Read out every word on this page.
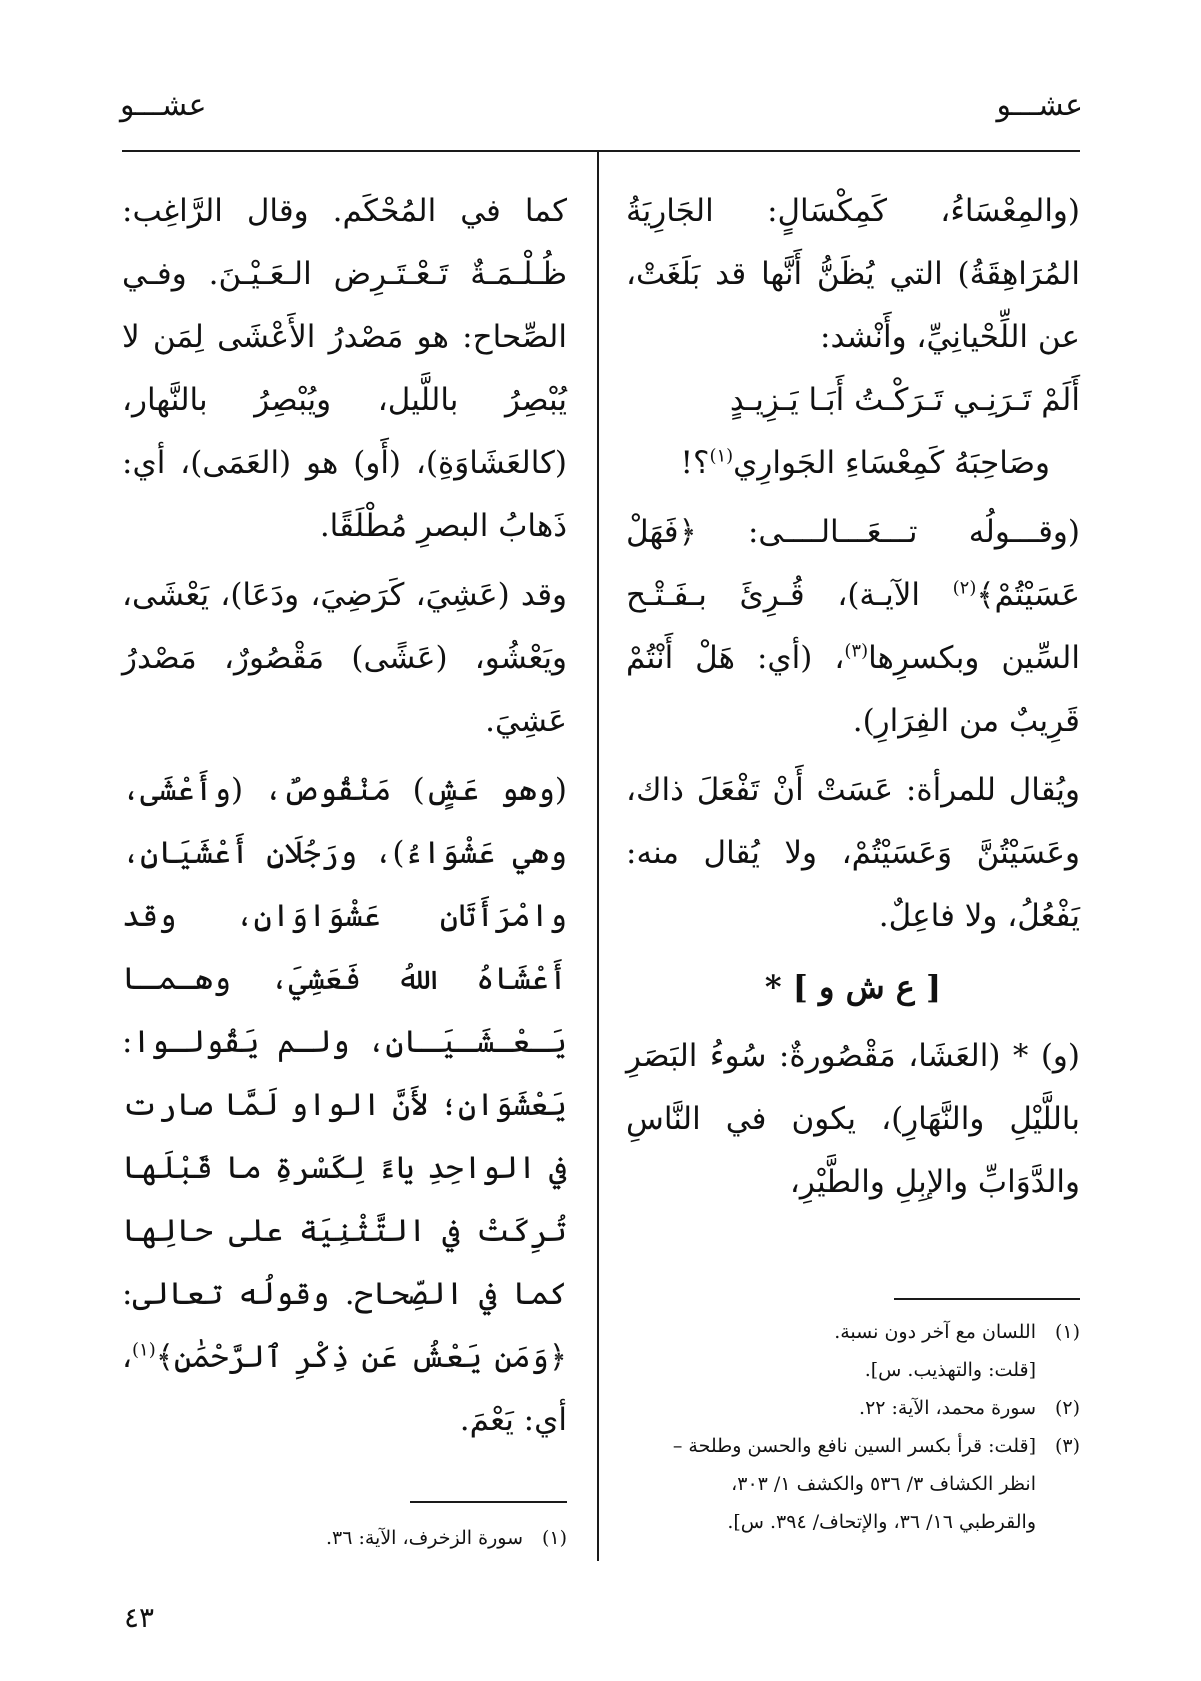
عشـــو
عشـــو

(والمِعْسَاءُ، كَمِكْسَالٍ: الجَارِيَةُ المُرَاهِقَةُ) التي يُظَنُّ أَنَّها قد بَلَغَتْ، عن اللِّحْيانِيِّ، وأَنْشد:

أَلَمْ تَـرَنِـي تَـرَكْـتُ أَبَـا يَـزِيـدٍ

وصَاحِبَهُ كَمِعْسَاءِ الجَوارِي$^{(١)}$؟!

(وقـــولُه تـــعَـــالــــى: ﴿فَهَلْ عَسَيْتُمْ﴾$^{(٢)}$ الآيـة)، قُـرِئَ بـفَـتْـح السِّين وبكسرِها$^{(٣)}$، (أي: هَلْ أَنْتُمْ قَرِيبٌ من الفِرَارِ).

ويُقال للمرأة: عَسَتْ أَنْ تَفْعَلَ ذاك، وعَسَيْتُنَّ وَعَسَيْتُمْ، ولا يُقال منه: يَفْعُلُ، ولا فاعِلٌ.

[ ع ش و ] *

(و) * (العَشَا، مَقْصُورةٌ: سُوءُ البَصَرِ باللَّيْلِ والنَّهَارِ)، يكون في النَّاسِ والدَّوَابِّ والإبِلِ والطَّيْرِ،

(١)اللسان مع آخر دون نسبة.

[قلت: والتهذيب. س].

(٢)سورة محمد، الآية: ٢٢.

(٣)[قلت: قرأ بكسر السين نافع والحسن وطلحة –

انظر الكشاف ٣/ ٥٣٦ والكشف ١/ ٣٠٣،

والقرطبي ١٦/ ٣٦، والإتحاف/ ٣٩٤. س].

كما في المُحْكَم. وقال الرَّاغِب: ظُـلْـمَـةٌ تَـعْـتَـرِض الـعَـيْـنَ. وفـي الصِّحاح: هو مَصْدرُ الأَعْشَى لِمَن لا يُبْصِرُ باللَّيل، ويُبْصِرُ بالنَّهار، (كالعَشَاوَةِ)، (أَو) هو (العَمَى)، أي: ذَهابُ البصرِ مُطْلَقًا.

وقد (عَشِيَ، كَرَضِيَ، ودَعَا)، يَعْشَى، ويَعْشُو، (عَشًى) مَقْصُورٌ، مَصْدرُ عَشِيَ.

(وهو عَشٍ) مَنْقُوصٌ، (وأَعْشَى، وهي عَشْوَاءُ)، ورَجُلَانِ أَعْشَيَانِ، وامْرَأَتَانِ عَشْوَاوَانِ، وقد أَعْشَاهُ اللهُ فَعَشِيَ، وهـمـا يَـعْـشَـيَـانِ، ولـم يَقُولـوا: يَعْشَوَانِ؛ لأَنَّ الواو لَمَّا صارت في الواحِدِ ياءً لِكَسْرةِ ما قَبْلَها تُرِكَتْ في التَّثْنِيَة على حالِها كما في الصِّحاح. وقولُه تعالى: ﴿وَمَن يَعْشُ عَن ذِكْرِ ٱلرَّحْمَٰنِ﴾$^{(١)}$، أي: يَعْمَ.

(١)سورة الزخرف، الآية: ٣٦.

٤٣
